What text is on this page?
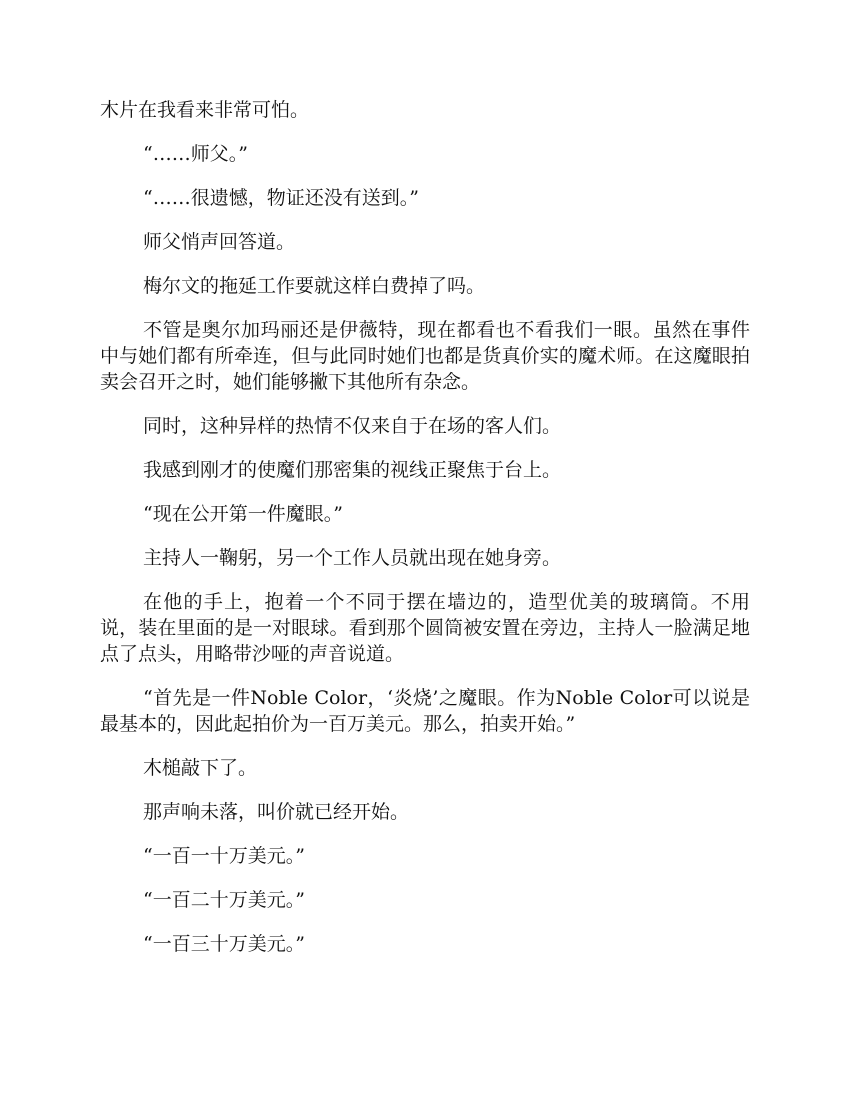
木片在我看来非常可怕。

“……师父。”

“……很遗憾，物证还没有送到。”

师父悄声回答道。

梅尔文的拖延工作要就这样白费掉了吗。

不管是奥尔加玛丽还是伊薇特，现在都看也不看我们一眼。虽然在事件中与她们都有所牵连，但与此同时她们也都是货真价实的魔术师。在这魔眼拍卖会召开之时，她们能够撇下其他所有杂念。

同时，这种异样的热情不仅来自于在场的客人们。

我感到刚才的使魔们那密集的视线正聚焦于台上。

“现在公开第一件魔眼。”

主持人一鞠躬，另一个工作人员就出现在她身旁。

在他的手上，抱着一个不同于摆在墙边的，造型优美的玻璃筒。不用说，装在里面的是一对眼球。看到那个圆筒被安置在旁边，主持人一脸满足地点了点头，用略带沙哑的声音说道。

“首先是一件Noble Color，‘炎烧’之魔眼。作为Noble Color可以说是最基本的，因此起拍价为一百万美元。那么，拍卖开始。”

木槌敲下了。

那声响未落，叫价就已经开始。

“一百一十万美元。”

“一百二十万美元。”

“一百三十万美元。”
